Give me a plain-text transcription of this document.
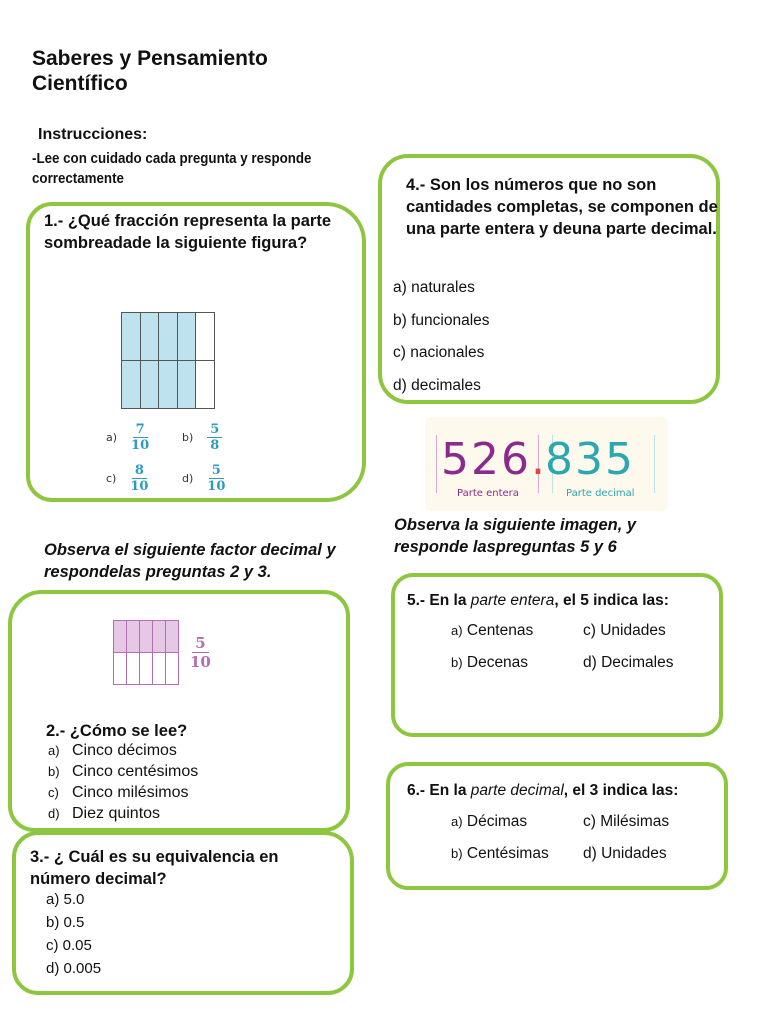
Saberes y Pensamiento Científico
Instrucciones:
-Lee con cuidado cada pregunta y responde correctamente
1.- ¿Qué fracción representa la parte sombreadade la siguiente figura?
$a) \frac{7}{10}$	$b) \frac{5}{8}$
$c) \frac{8}{10}$	$d) \frac{5}{10}$
Observa el siguiente factor decimal y respondelas preguntas 2 y 3.
$\frac{5}{10}$
2.- ¿Cómo se lee?
a) Cinco décimos
b) Cinco centésimos
c) Cinco milésimos
d) Diez quintos
3.- ¿ Cuál es su equivalencia en número decimal?
a) 5.0
b) 0.5
c) 0.05
d) 0.005
4.- Son los números que no son cantidades completas, se componen de una parte entera y deuna parte decimal.
a) naturales
b) funcionales
c) nacionales
d) decimales
526.835
Parte entera	Parte decimal
Observa la siguiente imagen, y responde laspreguntas 5 y 6
5.- En la parte entera, el 5 indica las:
a) Centenas	c) Unidades
b) Decenas	d) Decimales
6.- En la parte decimal, el 3 indica las:
a) Décimas	c) Milésimas
b) Centésimas d) Unidades
